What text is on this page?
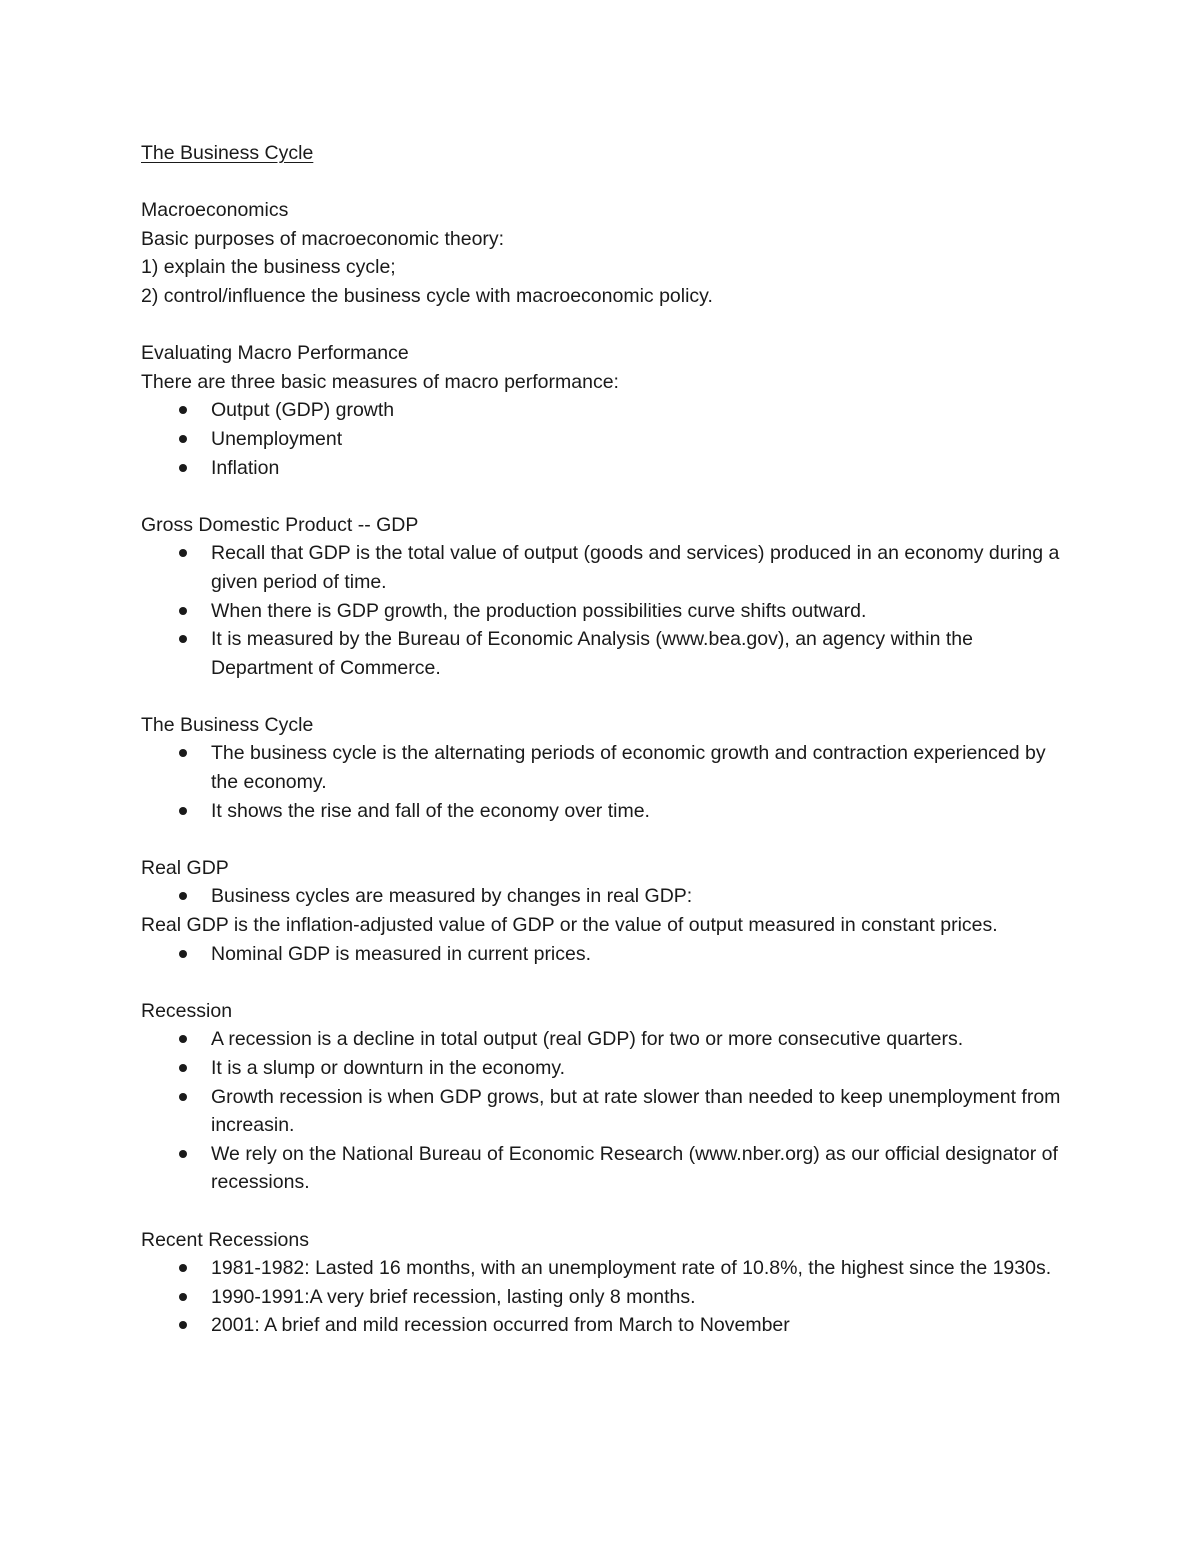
The Business Cycle

Macroeconomics

Basic purposes of macroeconomic theory:

1) explain the business cycle;

2) control/influence the business cycle with macroeconomic policy.

Evaluating Macro Performance

There are three basic measures of macro performance:

Output (GDP) growth
Unemployment
Inflation

Gross Domestic Product -- GDP

Recall that GDP is the total value of output (goods and services) produced in an economy during a given period of time.
When there is GDP growth, the production possibilities curve shifts outward.
It is measured by the Bureau of Economic Analysis (www.bea.gov), an agency within the Department of Commerce.

The Business Cycle

The business cycle is the alternating periods of economic growth and contraction experienced by the economy.
It shows the rise and fall of the economy over time.

Real GDP

Business cycles are measured by changes in real GDP:

Real GDP is the inflation-adjusted value of GDP or the value of output measured in constant prices.

Nominal GDP is measured in current prices.

Recession

A recession is a decline in total output (real GDP) for two or more consecutive quarters.
It is a slump or downturn in the economy.
Growth recession is when GDP grows, but at rate slower than needed to keep unemployment from increasin.
We rely on the National Bureau of Economic Research (www.nber.org) as our official designator of recessions.

Recent Recessions

1981-1982: Lasted 16 months, with an unemployment rate of 10.8%, the highest since the 1930s.
1990-1991:A very brief recession, lasting only 8 months.
2001: A brief and mild recession occurred from March to November
